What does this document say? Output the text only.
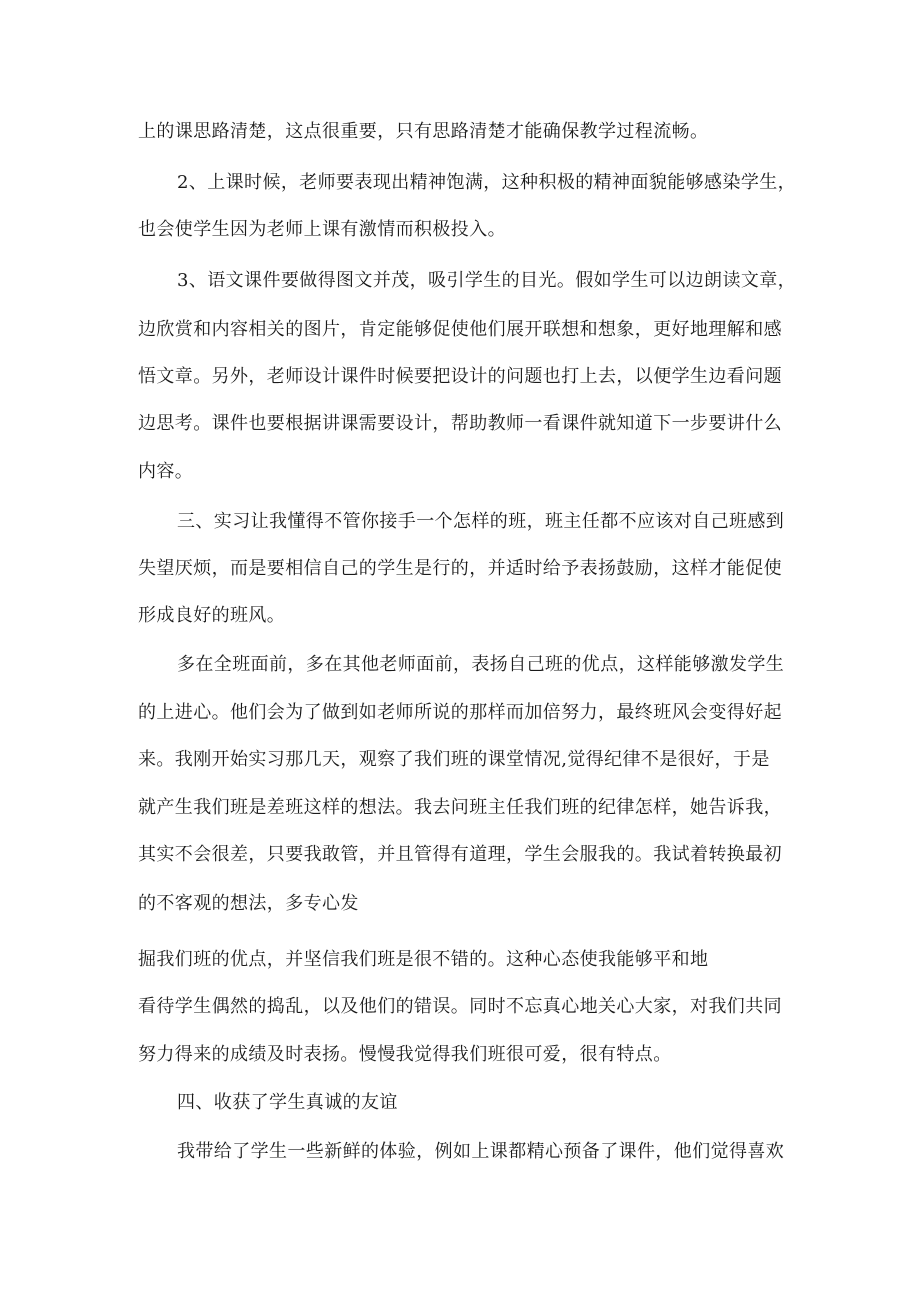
上的课思路清楚，这点很重要，只有思路清楚才能确保教学过程流畅。
2、上课时候，老师要表现出精神饱满，这种积极的精神面貌能够感染学生，
也会使学生因为老师上课有激情而积极投入。
3、语文课件要做得图文并茂，吸引学生的目光。假如学生可以边朗读文章，
边欣赏和内容相关的图片，肯定能够促使他们展开联想和想象，更好地理解和感
悟文章。另外，老师设计课件时候要把设计的问题也打上去，以便学生边看问题
边思考。课件也要根据讲课需要设计，帮助教师一看课件就知道下一步要讲什么
内容。
三、实习让我懂得不管你接手一个怎样的班，班主任都不应该对自己班感到
失望厌烦，而是要相信自己的学生是行的，并适时给予表扬鼓励，这样才能促使
形成良好的班风。
多在全班面前，多在其他老师面前，表扬自己班的优点，这样能够激发学生
的上进心。他们会为了做到如老师所说的那样而加倍努力，最终班风会变得好起
来。我刚开始实习那几天，观察了我们班的课堂情况,觉得纪律不是很好，于是
就产生我们班是差班这样的想法。我去问班主任我们班的纪律怎样，她告诉我，
其实不会很差，只要我敢管，并且管得有道理，学生会服我的。我试着转换最初
的不客观的想法，多专心发
掘我们班的优点，并坚信我们班是很不错的。这种心态使我能够平和地
看待学生偶然的捣乱，以及他们的错误。同时不忘真心地关心大家，对我们共同
努力得来的成绩及时表扬。慢慢我觉得我们班很可爱，很有特点。
四、收获了学生真诚的友谊
我带给了学生一些新鲜的体验，例如上课都精心预备了课件，他们觉得喜欢
